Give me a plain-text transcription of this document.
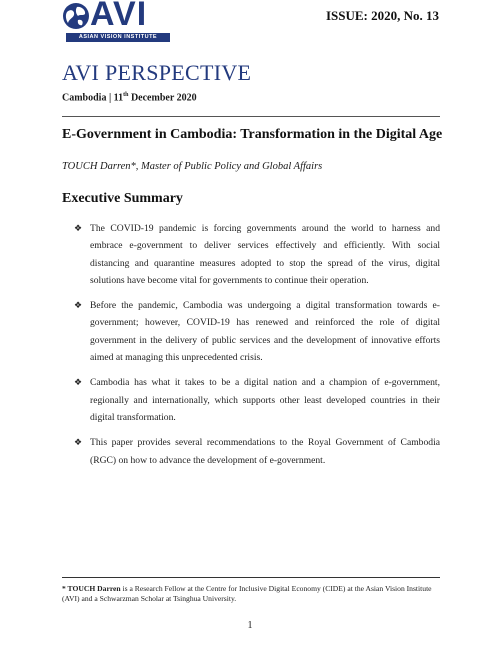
AVI
ASIAN VISION INSTITUTE
ISSUE: 2020, No. 13
AVI PERSPECTIVE
Cambodia | 11th December 2020
E-Government in Cambodia: Transformation in the Digital Age
TOUCH Darren*, Master of Public Policy and Global Affairs
Executive Summary
❖ The COVID-19 pandemic is forcing governments around the world to harness and embrace e-government to deliver services effectively and efficiently. With social distancing and quarantine measures adopted to stop the spread of the virus, digital solutions have become vital for governments to continue their operation.
❖ Before the pandemic, Cambodia was undergoing a digital transformation towards e-government; however, COVID-19 has renewed and reinforced the role of digital government in the delivery of public services and the development of innovative efforts aimed at managing this unprecedented crisis.
❖ Cambodia has what it takes to be a digital nation and a champion of e-government, regionally and internationally, which supports other least developed countries in their digital transformation.
❖ This paper provides several recommendations to the Royal Government of Cambodia (RGC) on how to advance the development of e-government.
* TOUCH Darren is a Research Fellow at the Centre for Inclusive Digital Economy (CIDE) at the Asian Vision Institute (AVI) and a Schwarzman Scholar at Tsinghua University.
1
